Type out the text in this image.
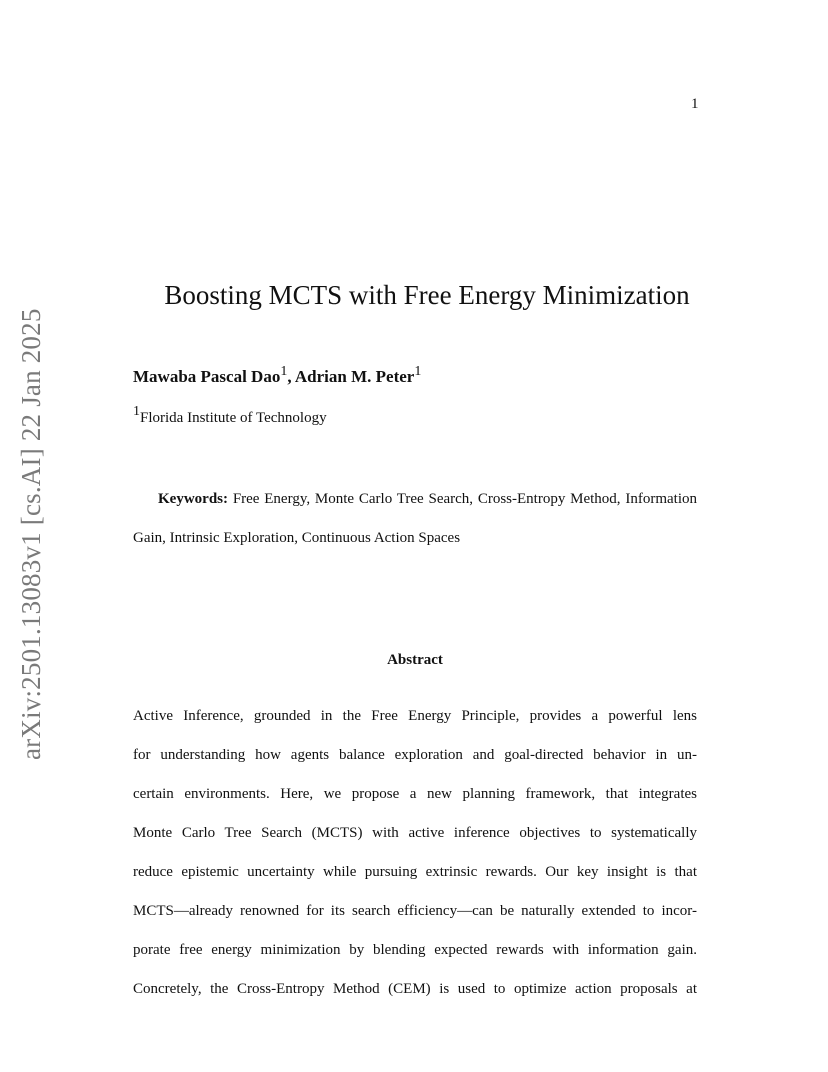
1
arXiv:2501.13083v1 [cs.AI] 22 Jan 2025
Boosting MCTS with Free Energy Minimization
Mawaba Pascal Dao$^1$, Adrian M. Peter$^1$
$^1$Florida Institute of Technology

Keywords: Free Energy, Monte Carlo Tree Search, Cross-Entropy Method, Information Gain, Intrinsic Exploration, Continuous Action Spaces

Abstract
Active Inference, grounded in the Free Energy Principle, provides a powerful lens
for understanding how agents balance exploration and goal-directed behavior in un-
certain environments. Here, we propose a new planning framework, that integrates
Monte Carlo Tree Search (MCTS) with active inference objectives to systematically
reduce epistemic uncertainty while pursuing extrinsic rewards. Our key insight is that
MCTS—already renowned for its search efficiency—can be naturally extended to incor-
porate free energy minimization by blending expected rewards with information gain.
Concretely, the Cross-Entropy Method (CEM) is used to optimize action proposals at
